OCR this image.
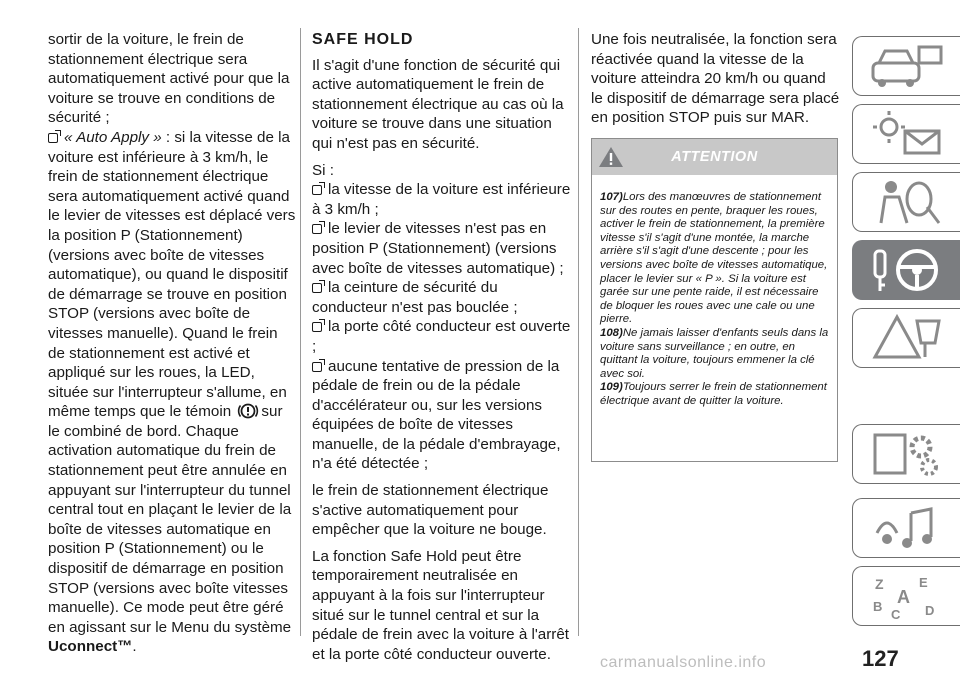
sortir de la voiture, le frein de stationnement électrique sera automatiquement activé pour que la voiture se trouve en conditions de sécurité ;

« Auto Apply » : si la vitesse de la voiture est inférieure à 3 km/h, le frein de stationnement électrique sera automatiquement activé quand le levier de vitesses est déplacé vers la position P (Stationnement) (versions avec boîte de vitesses automatique), ou quand le dispositif de démarrage se trouve en position STOP (versions avec boîte de vitesses manuelle). Quand le frein de stationnement est activé et appliqué sur les roues, la LED, située sur l'interrupteur s'allume, en même temps que le témoin sur le combiné de bord. Chaque activation automatique du frein de stationnement peut être annulée en appuyant sur l'interrupteur du tunnel central tout en plaçant le levier de la boîte de vitesses automatique en position P (Stationnement) ou le dispositif de démarrage en position STOP (versions avec boîte vitesses manuelle). Ce mode peut être géré en agissant sur le Menu du système Uconnect™.

SAFE HOLD

Il s'agit d'une fonction de sécurité qui active automatiquement le frein de stationnement électrique au cas où la voiture se trouve dans une situation qui n'est pas en sécurité.

Si :

la vitesse de la voiture est inférieure à 3 km/h ;

le levier de vitesses n'est pas en position P (Stationnement) (versions avec boîte de vitesses automatique) ;

la ceinture de sécurité du conducteur n'est pas bouclée ;

la porte côté conducteur est ouverte ;

aucune tentative de pression de la pédale de frein ou de la pédale d'accélérateur ou, sur les versions équipées de boîte de vitesses manuelle, de la pédale d'embrayage, n'a été détectée ;

le frein de stationnement électrique s'active automatiquement pour empêcher que la voiture ne bouge.

La fonction Safe Hold peut être temporairement neutralisée en appuyant à la fois sur l'interrupteur situé sur le tunnel central et sur la pédale de frein avec la voiture à l'arrêt et la porte côté conducteur ouverte.

Une fois neutralisée, la fonction sera réactivée quand la vitesse de la voiture atteindra 20 km/h ou quand le dispositif de démarrage sera placé en position STOP puis sur MAR.

ATTENTION
107)Lors des manœuvres de stationnement sur des routes en pente, braquer les roues, activer le frein de stationnement, la première vitesse s'il s'agit d'une montée, la marche arrière s'il s'agit d'une descente ; pour les versions avec boîte de vitesses automatique, placer le levier sur « P ». Si la voiture est garée sur une pente raide, il est nécessaire de bloquer les roues avec une cale ou une pierre.
108)Ne jamais laisser d'enfants seuls dans la voiture sans surveillance ; en outre, en quittant la voiture, toujours emmener la clé avec soi.
109)Toujours serrer le frein de stationnement électrique avant de quitter la voiture.
Z	E
A
B
C D
127
carmanualsonline.info
